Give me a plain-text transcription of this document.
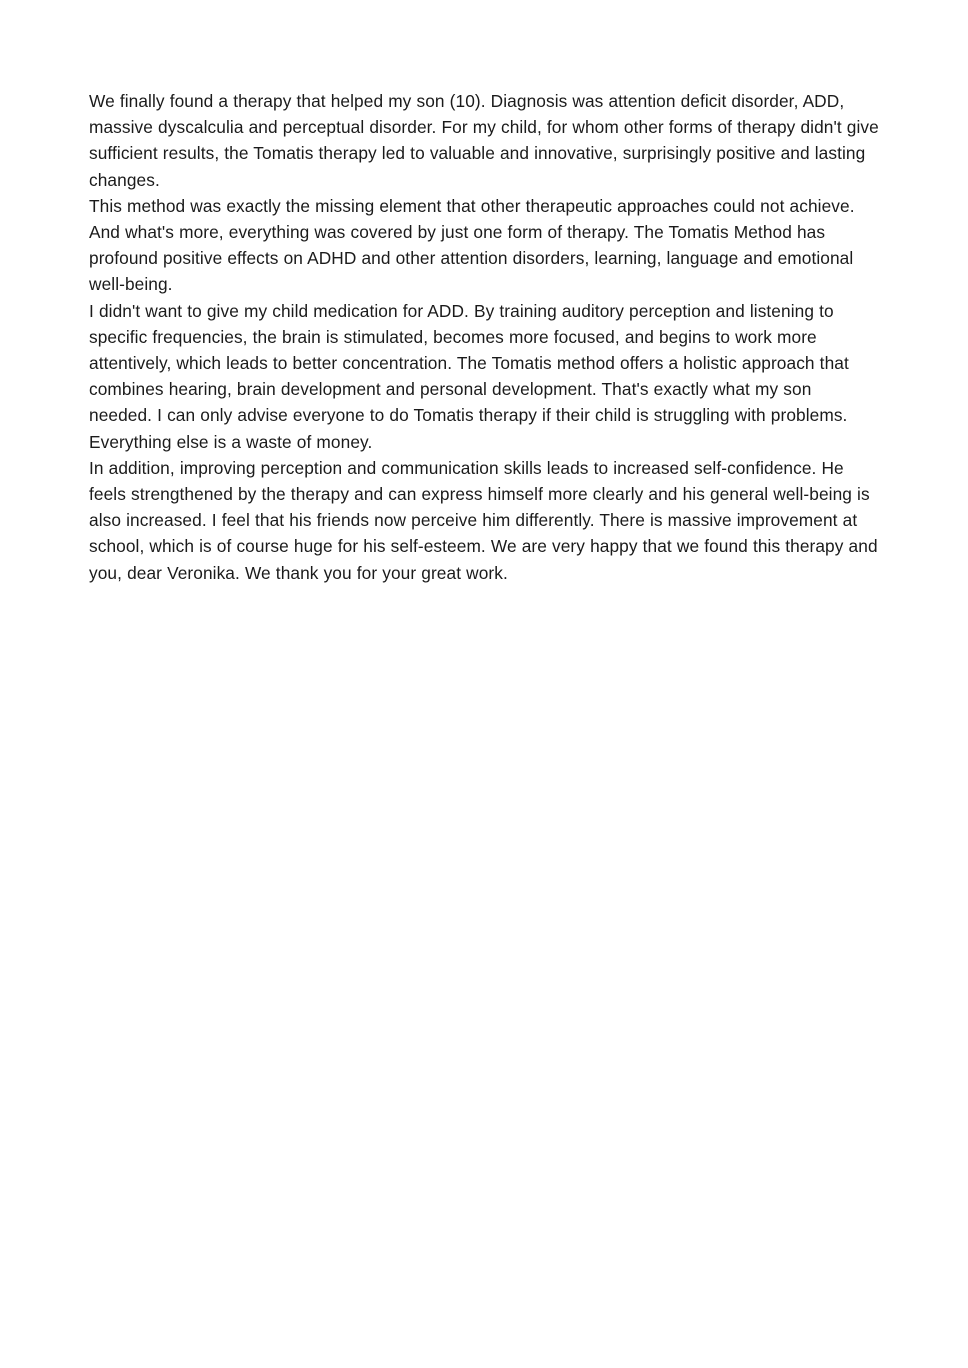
We finally found a therapy that helped my son (10). Diagnosis was attention deficit disorder, ADD, massive dyscalculia and perceptual disorder. For my child, for whom other forms of therapy didn't give sufficient results, the Tomatis therapy led to valuable and innovative, surprisingly positive and lasting changes.

This method was exactly the missing element that other therapeutic approaches could not achieve. And what's more, everything was covered by just one form of therapy. The Tomatis Method has profound positive effects on ADHD and other attention disorders, learning, language and emotional well-being.

I didn't want to give my child medication for ADD. By training auditory perception and listening to specific frequencies, the brain is stimulated, becomes more focused, and begins to work more attentively, which leads to better concentration. The Tomatis method offers a holistic approach that combines hearing, brain development and personal development. That's exactly what my son needed. I can only advise everyone to do Tomatis therapy if their child is struggling with problems. Everything else is a waste of money.

In addition, improving perception and communication skills leads to increased self-confidence. He feels strengthened by the therapy and can express himself more clearly and his general well-being is also increased. I feel that his friends now perceive him differently. There is massive improvement at school, which is of course huge for his self-esteem. We are very happy that we found this therapy and you, dear Veronika. We thank you for your great work.
